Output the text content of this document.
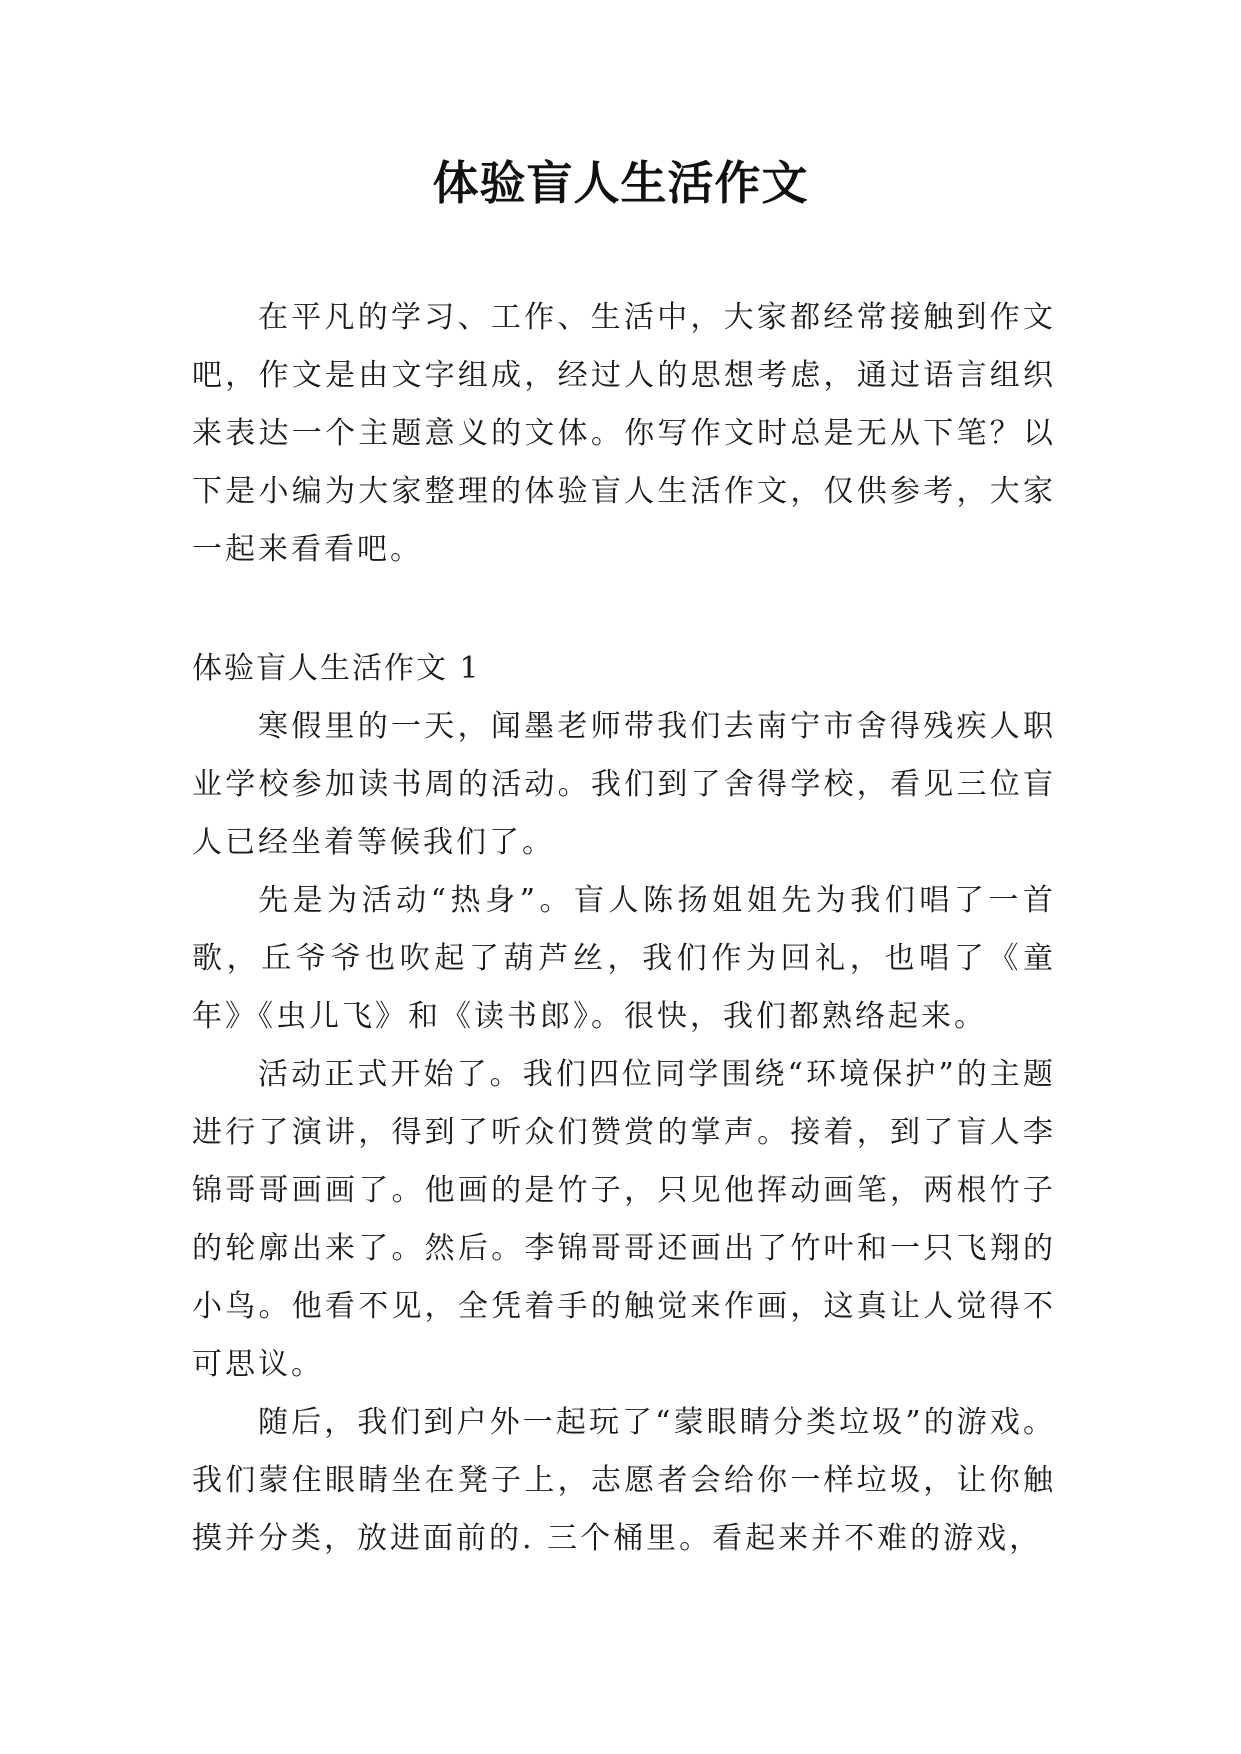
体验盲人生活作文

在平凡的学习、工作、生活中，大家都经常接触到作文吧，作文是由文字组成，经过人的思想考虑，通过语言组织来表达一个主题意义的文体。你写作文时总是无从下笔？以下是小编为大家整理的体验盲人生活作文，仅供参考，大家一起来看看吧。

体验盲人生活作文 1

寒假里的一天，闻墨老师带我们去南宁市舍得残疾人职业学校参加读书周的活动。我们到了舍得学校，看见三位盲人已经坐着等候我们了。

先是为活动“热身”。盲人陈扬姐姐先为我们唱了一首歌，丘爷爷也吹起了葫芦丝，我们作为回礼，也唱了《童年》《虫儿飞》和《读书郎》。很快，我们都熟络起来。

活动正式开始了。我们四位同学围绕“环境保护”的主题进行了演讲，得到了听众们赞赏的掌声。接着，到了盲人李锦哥哥画画了。他画的是竹子，只见他挥动画笔，两根竹子的轮廓出来了。然后。李锦哥哥还画出了竹叶和一只飞翔的小鸟。他看不见，全凭着手的触觉来作画，这真让人觉得不可思议。

随后，我们到户外一起玩了“蒙眼睛分类垃圾”的游戏。我们蒙住眼睛坐在凳子上，志愿者会给你一样垃圾，让你触摸并分类，放进面前的. 三个桶里。看起来并不难的游戏，
